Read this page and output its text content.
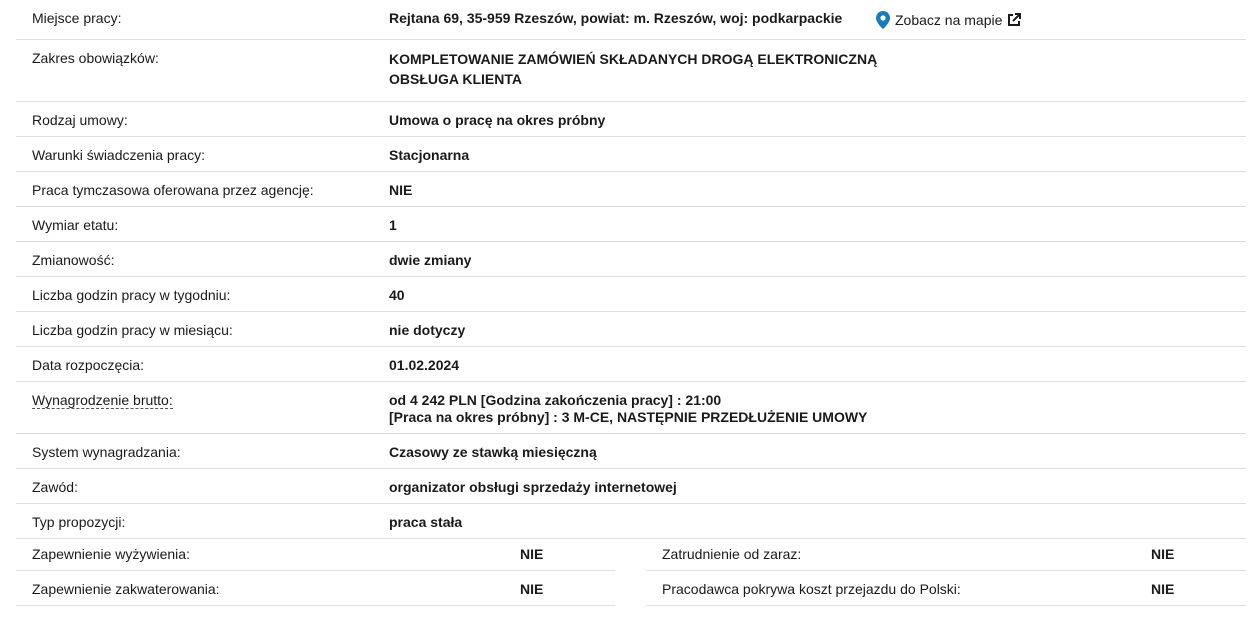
Miejsce pracy:	Rejtana 69, 35-959 Rzeszów, powiat: m. Rzeszów, woj: podkarpackie
Zakres obowiązków:	KOMPLETOWANIE ZAMÓWIEŃ SKŁADANYCH DROGĄ ELEKTRONICZNĄ
OBSŁUGA KLIENTA
Rodzaj umowy:	Umowa o pracę na okres próbny
Warunki świadczenia pracy:	Stacjonarna
Praca tymczasowa oferowana przez agencję:	NIE
Wymiar etatu:	1
Zmianowość:	dwie zmiany
Liczba godzin pracy w tygodniu:	40
Liczba godzin pracy w miesiącu:	nie dotyczy
Data rozpoczęcia:	01.02.2024
Wynagrodzenie brutto:	od 4 242 PLN [Godzina zakończenia pracy] : 21:00
[Praca na okres próbny] : 3 M-CE, NASTĘPNIE PRZEDŁUŻENIE UMOWY
System wynagradzania:	Czasowy ze stawką miesięczną
Zawód:	organizator obsługi sprzedaży internetowej
Typ propozycji:	praca stała
Zobacz na mapie
Zapewnienie wyżywienia:	NIE	Zatrudnienie od zaraz:	NIE
Zapewnienie zakwaterowania:	NIE	Pracodawca pokrywa koszt przejazdu do Polski:	NIE
